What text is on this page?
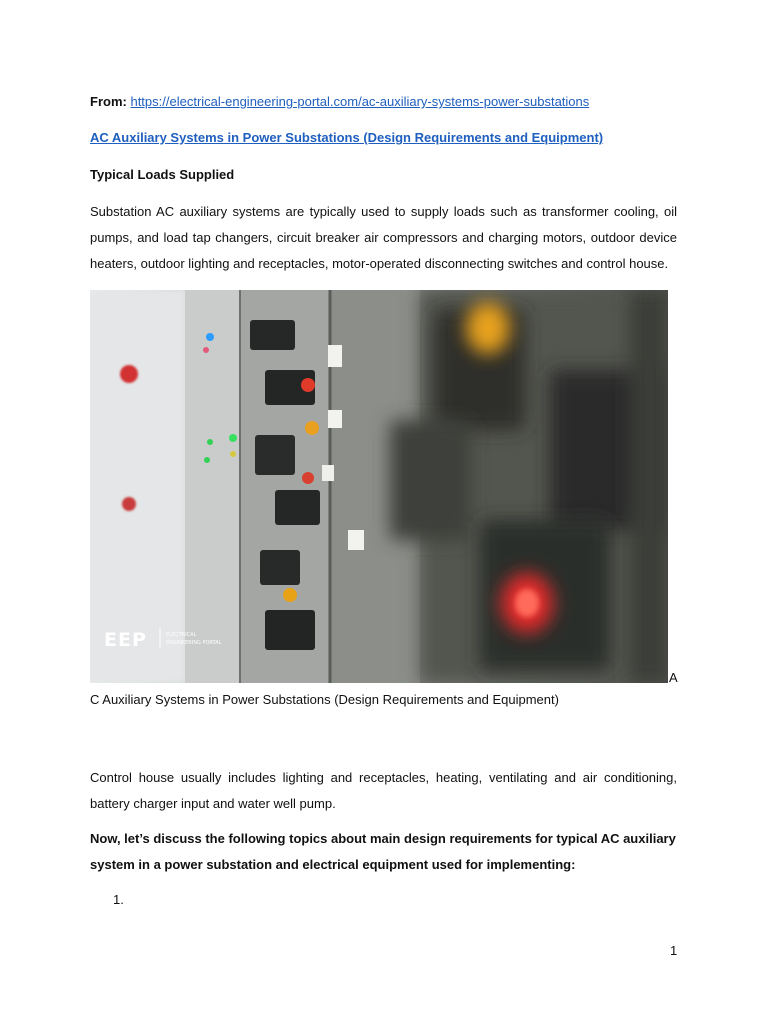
From: https://electrical-engineering-portal.com/ac-auxiliary-systems-power-substations
AC Auxiliary Systems in Power Substations (Design Requirements and Equipment)
Typical Loads Supplied
Substation AC auxiliary systems are typically used to supply loads such as transformer cooling, oil pumps, and load tap changers, circuit breaker air compressors and charging motors, outdoor device heaters, outdoor lighting and receptacles, motor-operated disconnecting switches and control house.
EEP	ELECTRICAL
ENGINEERING PORTAL
A
C Auxiliary Systems in Power Substations (Design Requirements and Equipment)
Control house usually includes lighting and receptacles, heating, ventilating and air conditioning, battery charger input and water well pump.
Now, let’s discuss the following topics about main design requirements for typical AC auxiliary system in a power substation and electrical equipment used for implementing:
1.
1
